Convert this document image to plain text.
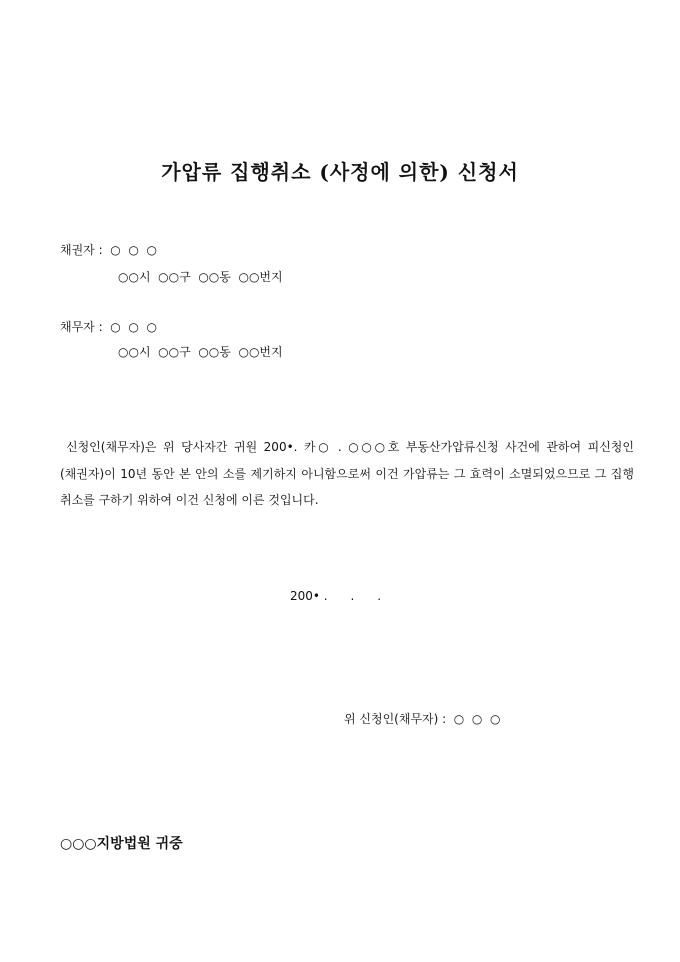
가압류 집행취소 (사정에 의한) 신청서
채권자 :  ○  ○  ○
○○시  ○○구  ○○동  ○○번지
채무자 :  ○  ○  ○
○○시  ○○구  ○○동  ○○번지
신청인(채무자)은 위 당사자간 귀원 200•. 카○ . ○○○호 부동산가압류신청 사건에 관하여 피신청인(채권자)이 10년 동안 본 안의 소를 제기하지 아니함으로써 이건 가압류는 그 효력이 소멸되었으므로 그 집행 취소를 구하기 위하여 이건 신청에 이른 것입니다.
200• .      .      .
위 신청인(채무자) :  ○  ○  ○
○○○지방법원 귀중
